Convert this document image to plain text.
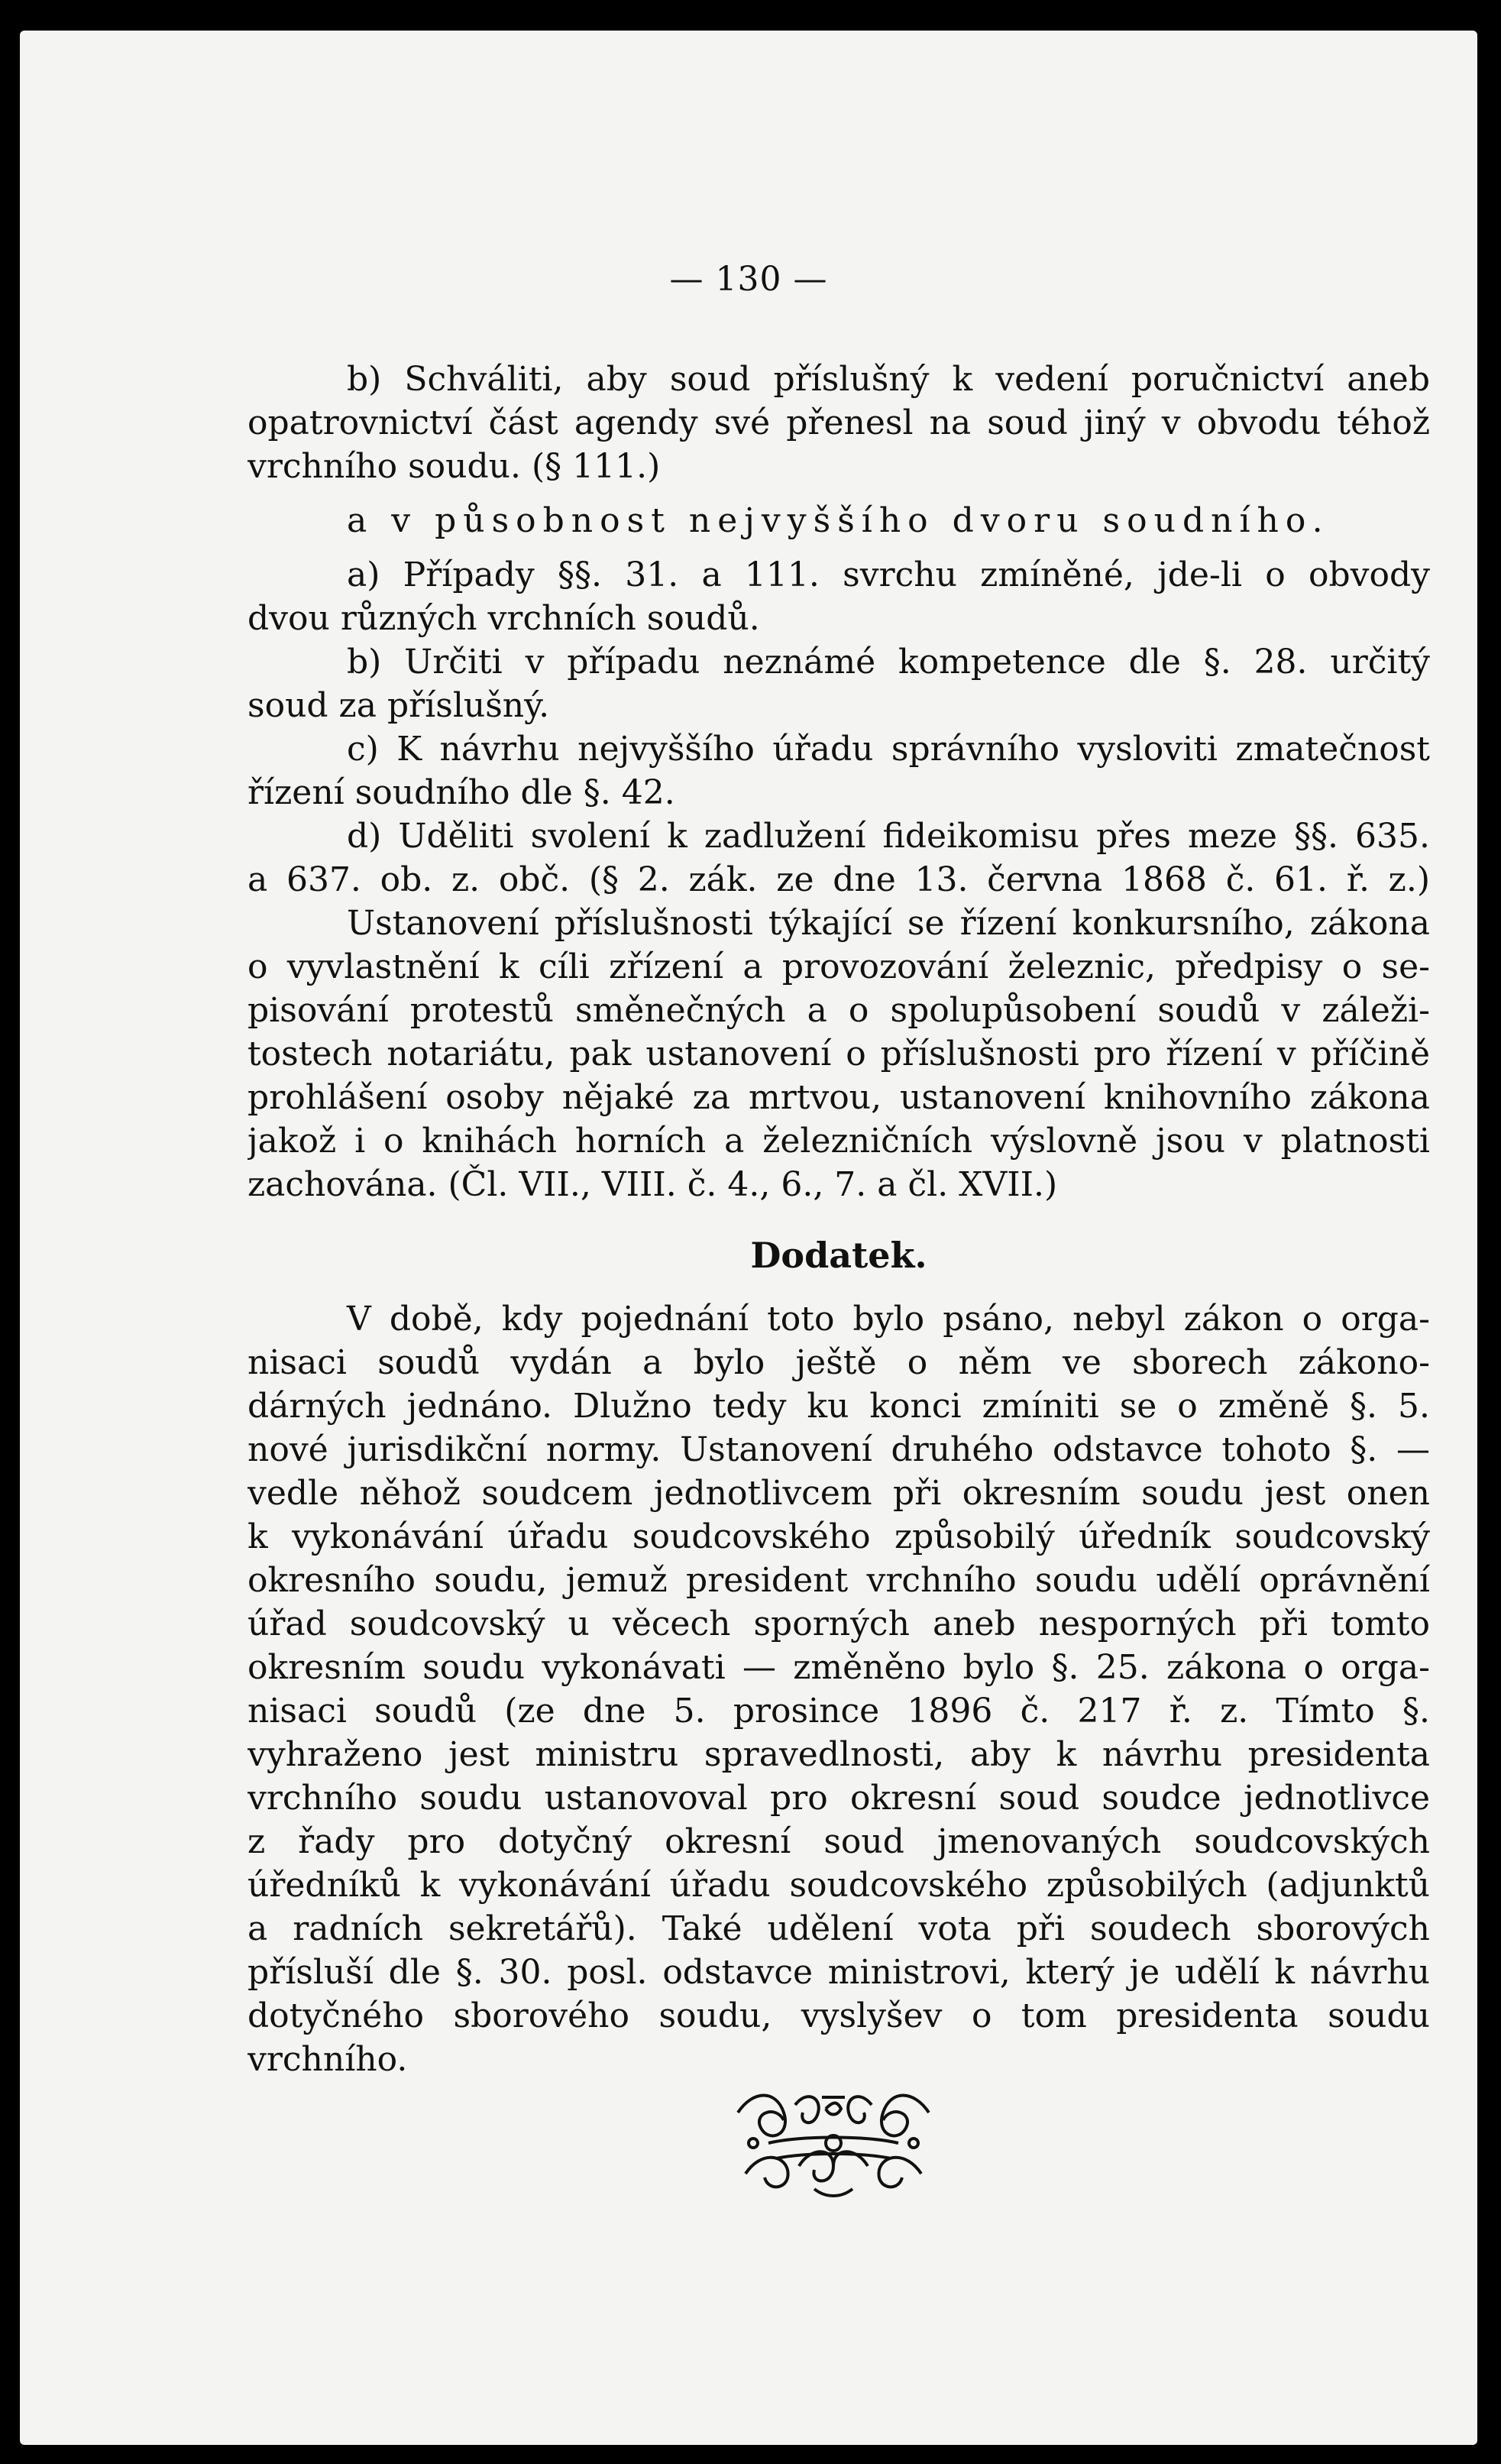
— 130 —
b) Schváliti, aby soud příslušný k vedení poručnictví aneb
opatrovnictví část agendy své přenesl na soud jiný v obvodu téhož
vrchního soudu. (§ 111.)
a v působnost nejvyššího dvoru soudního.
a) Případy §§. 31. a 111. svrchu zmíněné, jde-li o obvody
dvou různých vrchních soudů.
b) Určiti v případu neznámé kompetence dle §. 28. určitý
soud za příslušný.
c) K návrhu nejvyššího úřadu správního vysloviti zmatečnost
řízení soudního dle §. 42.
d) Uděliti svolení k zadlužení fideikomisu přes meze §§. 635.
a 637. ob. z. obč. (§ 2. zák. ze dne 13. června 1868 č. 61. ř. z.)
Ustanovení příslušnosti týkající se řízení konkursního, zákona
o vyvlastnění k cíli zřízení a provozování železnic, předpisy o se-
pisování protestů směnečných a o spolupůsobení soudů v záleži-
tostech notariátu, pak ustanovení o příslušnosti pro řízení v příčině
prohlášení osoby nějaké za mrtvou, ustanovení knihovního zákona
jakož i o knihách horních a železničních výslovně jsou v platnosti
zachována. (Čl. VII., VIII. č. 4., 6., 7. a čl. XVII.)
Dodatek.
V době, kdy pojednání toto bylo psáno, nebyl zákon o orga-
nisaci soudů vydán a bylo ještě o něm ve sborech zákono-
dárných jednáno. Dlužno tedy ku konci zmíniti se o změně §. 5.
nové jurisdikční normy. Ustanovení druhého odstavce tohoto §. —
vedle něhož soudcem jednotlivcem při okresním soudu jest onen
k vykonávání úřadu soudcovského způsobilý úředník soudcovský
okresního soudu, jemuž president vrchního soudu udělí oprávnění
úřad soudcovský u věcech sporných aneb nesporných při tomto
okresním soudu vykonávati — změněno bylo §. 25. zákona o orga-
nisaci soudů (ze dne 5. prosince 1896 č. 217 ř. z. Tímto §.
vyhraženo jest ministru spravedlnosti, aby k návrhu presidenta
vrchního soudu ustanovoval pro okresní soud soudce jednotlivce
z řady pro dotyčný okresní soud jmenovaných soudcovských
úředníků k vykonávání úřadu soudcovského způsobilých (adjunktů
a radních sekretářů). Také udělení vota při soudech sborových
přísluší dle §. 30. posl. odstavce ministrovi, který je udělí k návrhu
dotyčného sborového soudu, vyslyšev o tom presidenta soudu
vrchního.
